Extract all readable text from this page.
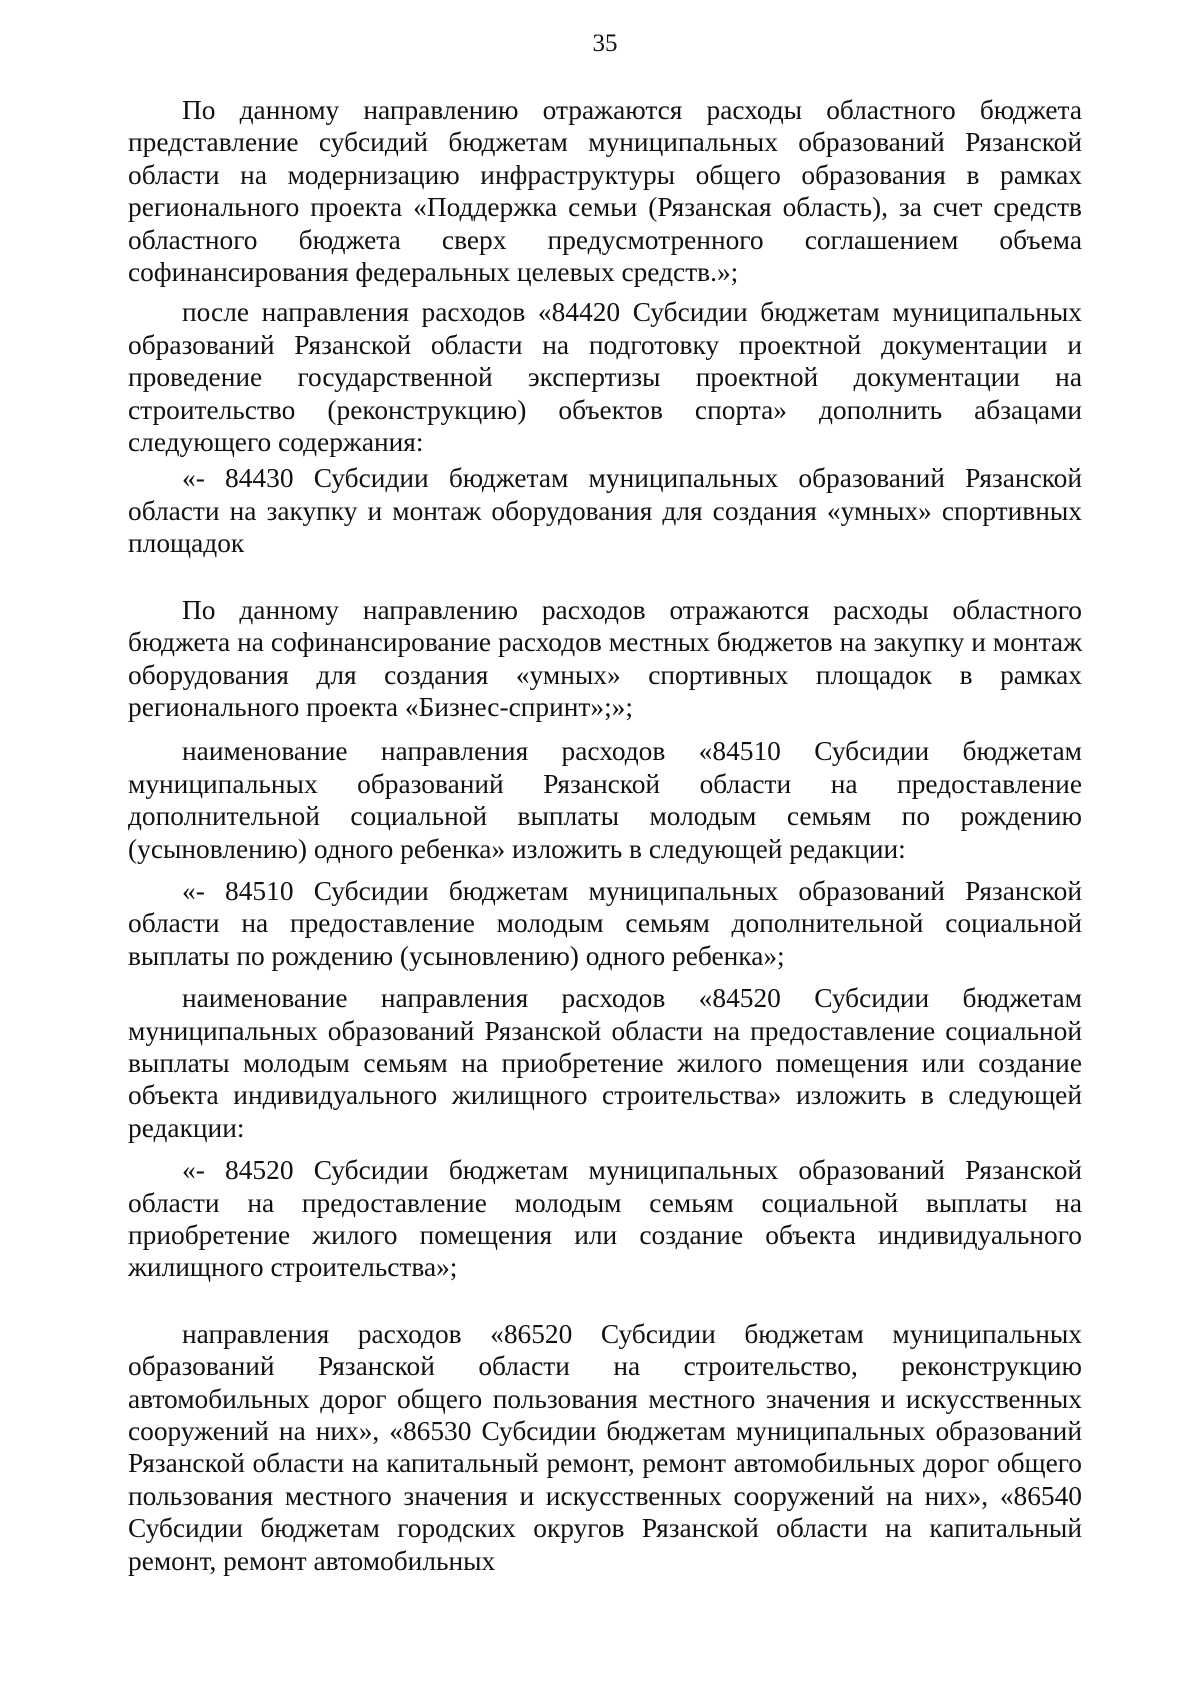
35

По данному направлению отражаются расходы областного бюджета представление субсидий бюджетам муниципальных образований Рязанской области на модернизацию инфраструктуры общего образования в рамках регионального проекта «Поддержка семьи (Рязанская область), за счет средств областного бюджета сверх предусмотренного соглашением объема софинансирования федеральных целевых средств.»;

после направления расходов «84420 Субсидии бюджетам муниципальных образований Рязанской области на подготовку проектной документации и проведение государственной экспертизы проектной документации на строительство (реконструкцию) объектов спорта» дополнить абзацами следующего содержания:

«- 84430 Субсидии бюджетам муниципальных образований Рязанской области на закупку и монтаж оборудования для создания «умных» спортивных площадок

По данному направлению расходов отражаются расходы областного бюджета на софинансирование расходов местных бюджетов на закупку и монтаж оборудования для создания «умных» спортивных площадок в рамках регионального проекта «Бизнес-спринт»;»;

наименование направления расходов «84510 Субсидии бюджетам муниципальных образований Рязанской области на предоставление дополнительной социальной выплаты молодым семьям по рождению (усыновлению) одного ребенка» изложить в следующей редакции:

«- 84510 Субсидии бюджетам муниципальных образований Рязанской области на предоставление молодым семьям дополнительной социальной выплаты по рождению (усыновлению) одного ребенка»;

наименование направления расходов «84520 Субсидии бюджетам муниципальных образований Рязанской области на предоставление социальной выплаты молодым семьям на приобретение жилого помещения или создание объекта индивидуального жилищного строительства» изложить в следующей редакции:

«- 84520 Субсидии бюджетам муниципальных образований Рязанской области на предоставление молодым семьям социальной выплаты на приобретение жилого помещения или создание объекта индивидуального жилищного строительства»;

направления расходов «86520 Субсидии бюджетам муниципальных образований Рязанской области на строительство, реконструкцию автомобильных дорог общего пользования местного значения и искусственных сооружений на них», «86530 Субсидии бюджетам муниципальных образований Рязанской области на капитальный ремонт, ремонт автомобильных дорог общего пользования местного значения и искусственных сооружений на них», «86540 Субсидии бюджетам городских округов Рязанской области на капитальный ремонт, ремонт автомобильных
